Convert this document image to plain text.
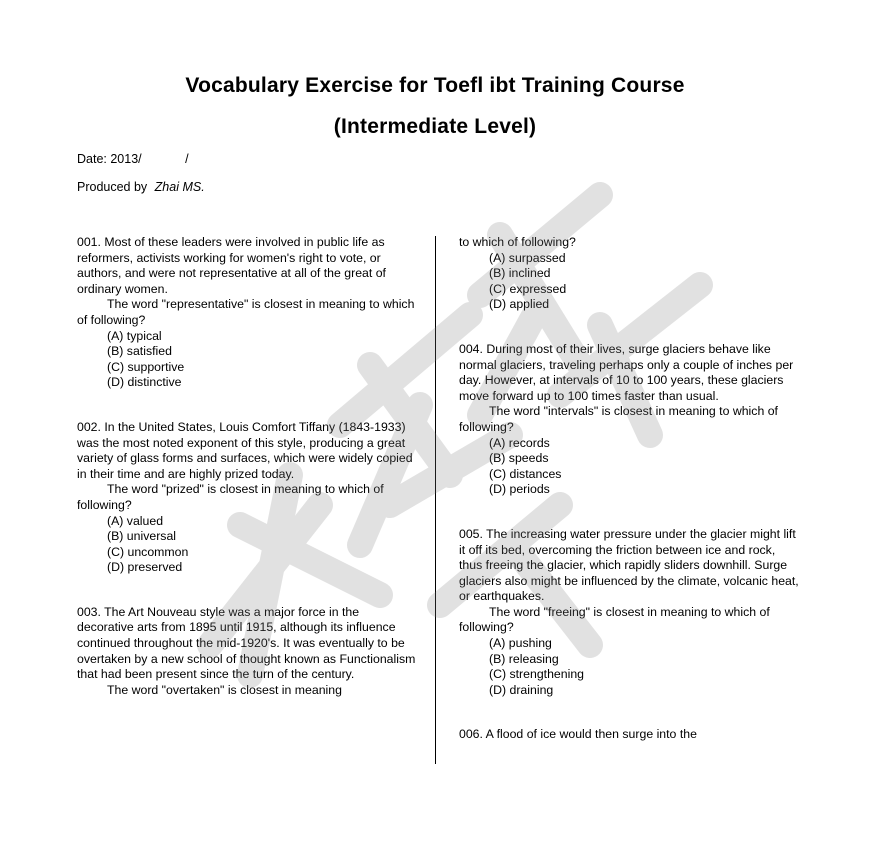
Vocabulary Exercise for Toefl ibt Training Course
(Intermediate Level)
Date: 2013/	/
Produced by Zhai MS.

001. Most of these leaders were involved in public life as reformers, activists working for women's right to vote, or authors, and were not representative at all of the great of ordinary women.

The word "representative" is closest in meaning to which of following?

(A) typical
(B) satisfied
(C) supportive
(D) distinctive

002. In the United States, Louis Comfort Tiffany (1843-1933) was the most noted exponent of this style, producing a great variety of glass forms and surfaces, which were widely copied in their time and are highly prized today.

The word "prized" is closest in meaning to which of following?

(A) valued
(B) universal
(C) uncommon
(D) preserved

003. The Art Nouveau style was a major force in the decorative arts from 1895 until 1915, although its influence continued throughout the mid-1920's. It was eventually to be overtaken by a new school of thought known as Functionalism that had been present since the turn of the century.

The word "overtaken" is closest in meaning

to which of following?

(A) surpassed
(B) inclined
(C) expressed
(D) applied

004. During most of their lives, surge glaciers behave like normal glaciers, traveling perhaps only a couple of inches per day. However, at intervals of 10 to 100 years, these glaciers move forward up to 100 times faster than usual.

The word "intervals" is closest in meaning to which of following?

(A) records
(B) speeds
(C) distances
(D) periods

005. The increasing water pressure under the glacier might lift it off its bed, overcoming the friction between ice and rock, thus freeing the glacier, which rapidly sliders downhill. Surge glaciers also might be influenced by the climate, volcanic heat, or earthquakes.

The word "freeing" is closest in meaning to which of following?

(A) pushing
(B) releasing
(C) strengthening
(D) draining

006. A flood of ice would then surge into the
